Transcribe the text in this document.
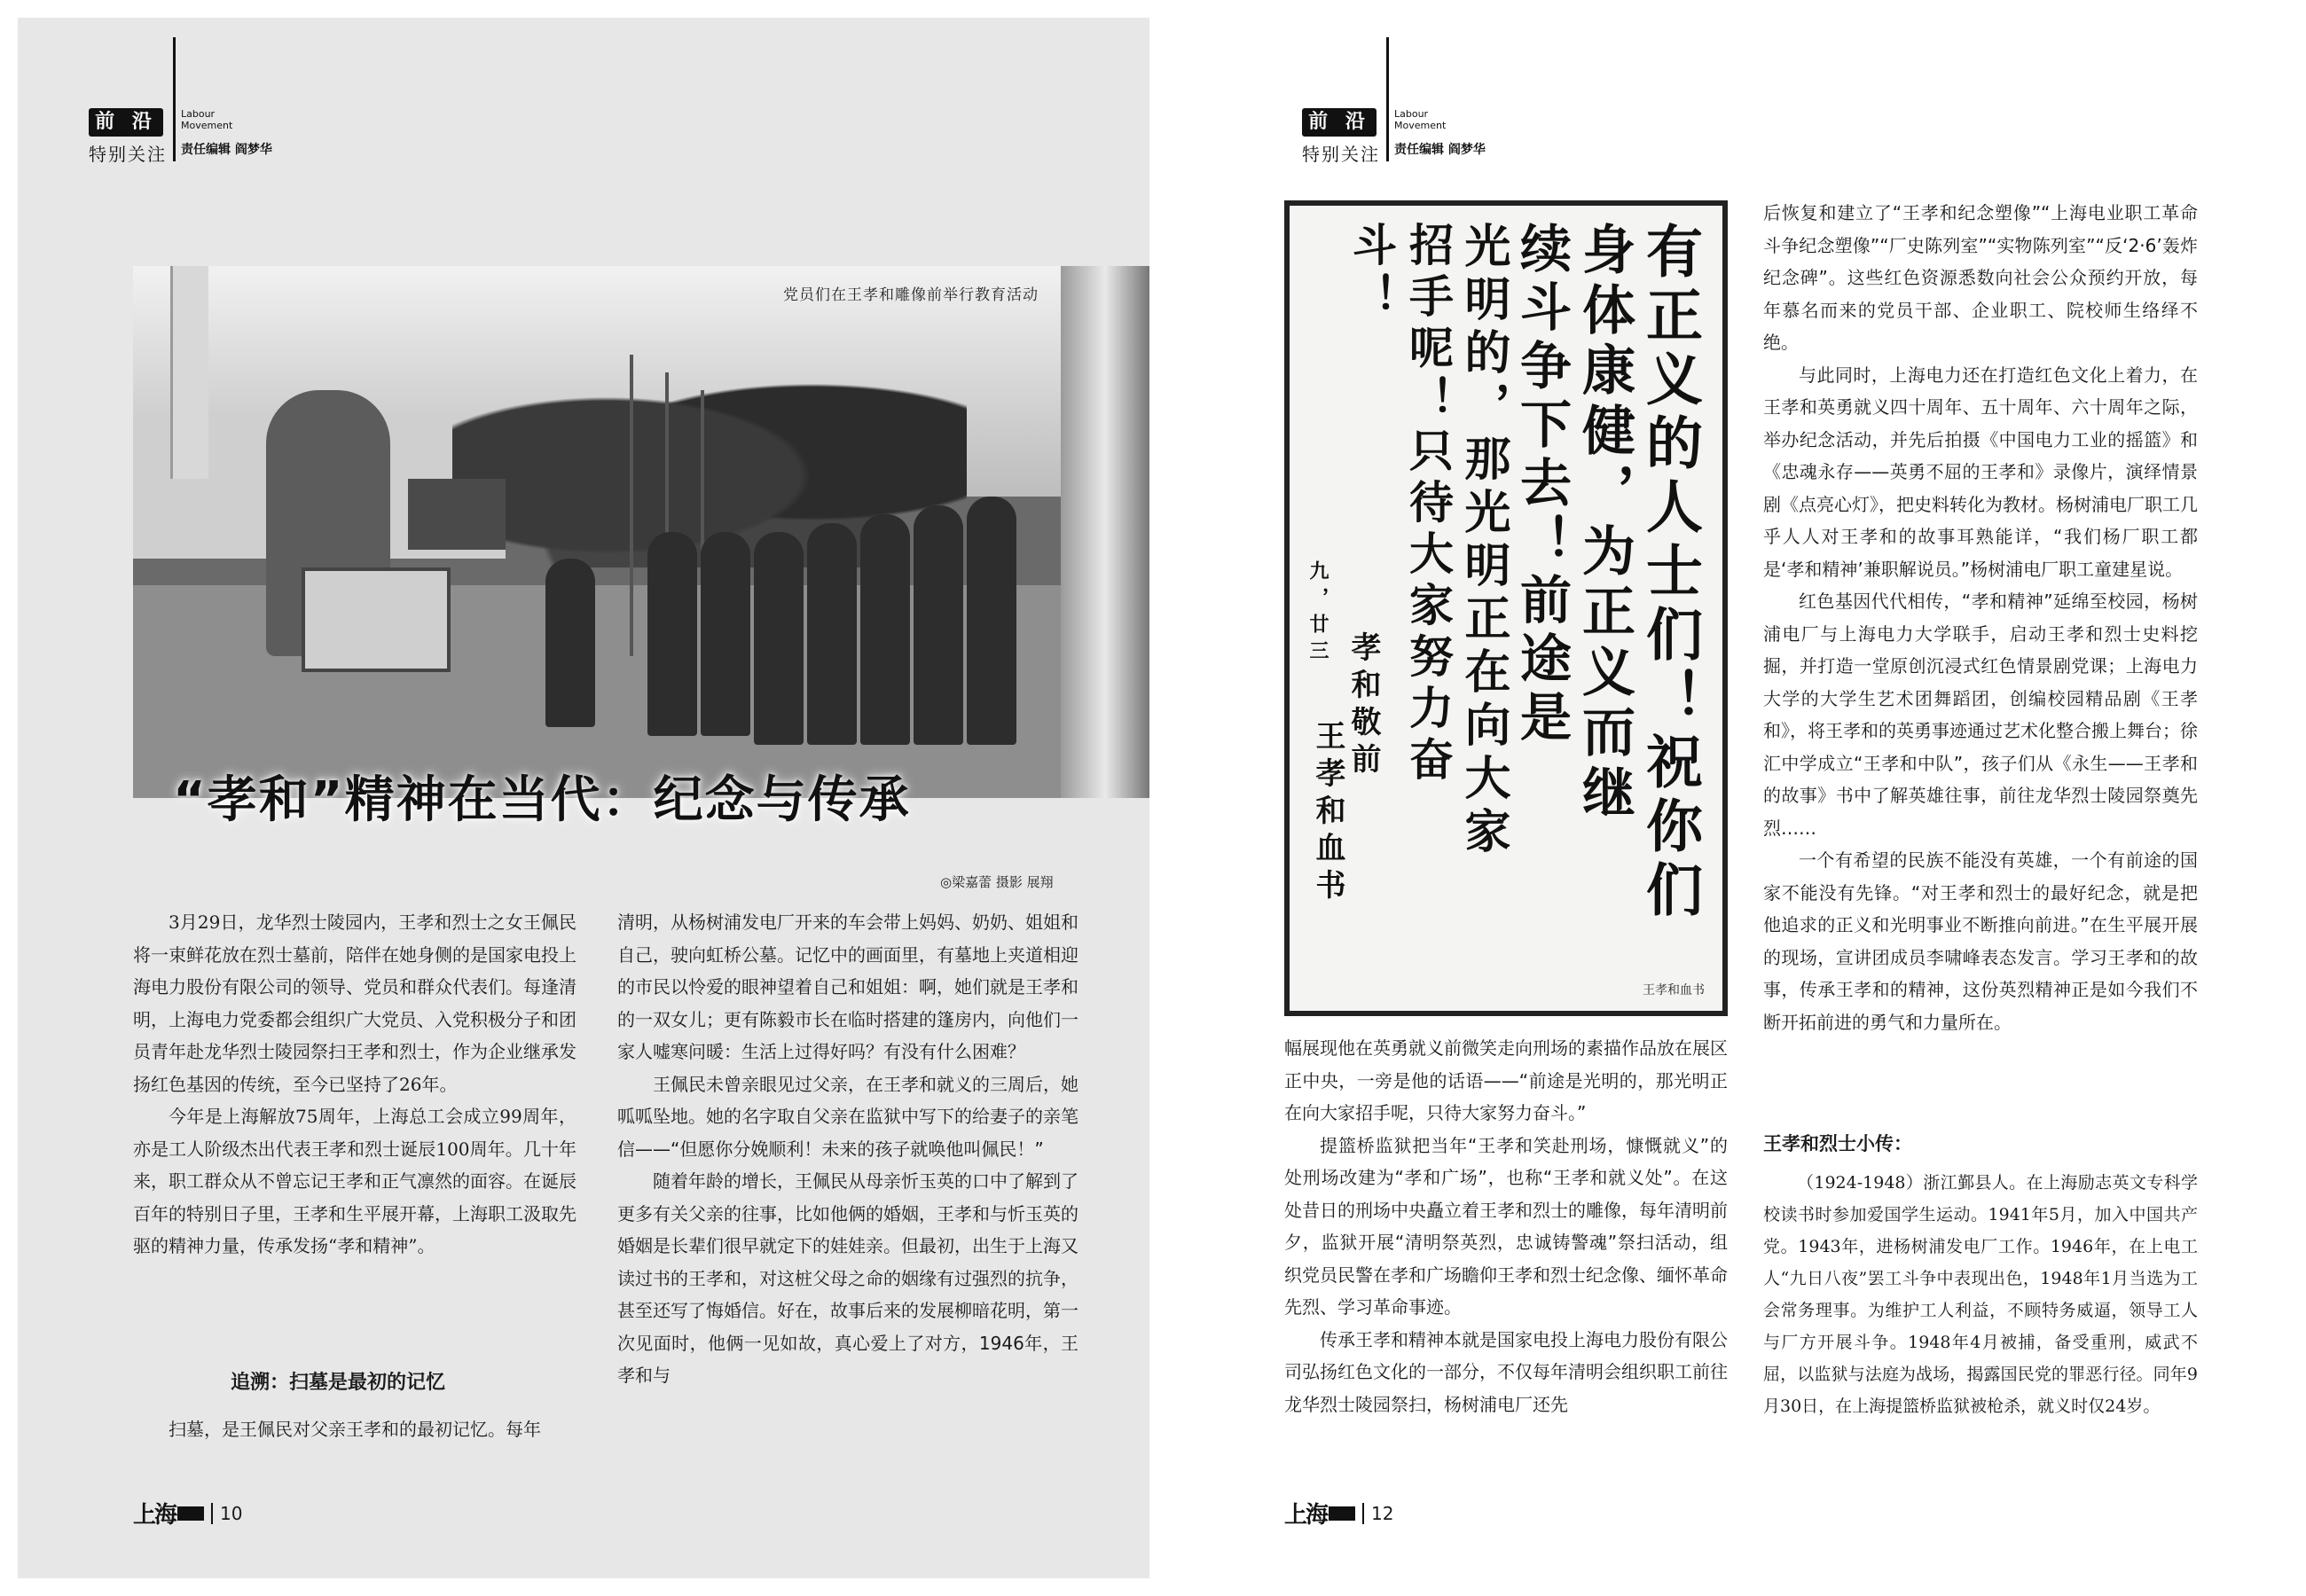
前 沿
特别关注
Labour
Movement
责任编辑 阎梦华
党员们在王孝和雕像前举行教育活动
“孝和”精神在当代：纪念与传承
◎梁嘉蕾 摄影 展翔

3月29日，龙华烈士陵园内，王孝和烈士之女王佩民将一束鲜花放在烈士墓前，陪伴在她身侧的是国家电投上海电力股份有限公司的领导、党员和群众代表们。每逢清明，上海电力党委都会组织广大党员、入党积极分子和团员青年赴龙华烈士陵园祭扫王孝和烈士，作为企业继承发扬红色基因的传统，至今已坚持了26年。

今年是上海解放75周年，上海总工会成立99周年，亦是工人阶级杰出代表王孝和烈士诞辰100周年。几十年来，职工群众从不曾忘记王孝和正气凛然的面容。在诞辰百年的特别日子里，王孝和生平展开幕，上海职工汲取先驱的精神力量，传承发扬“孝和精神”。

追溯：扫墓是最初的记忆

扫墓，是王佩民对父亲王孝和的最初记忆。每年

清明，从杨树浦发电厂开来的车会带上妈妈、奶奶、姐姐和自己，驶向虹桥公墓。记忆中的画面里，有墓地上夹道相迎的市民以怜爱的眼神望着自己和姐姐：啊，她们就是王孝和的一双女儿；更有陈毅市长在临时搭建的篷房内，向他们一家人嘘寒问暖：生活上过得好吗？有没有什么困难？

王佩民未曾亲眼见过父亲，在王孝和就义的三周后，她呱呱坠地。她的名字取自父亲在监狱中写下的给妻子的亲笔信——“但愿你分娩顺利！未来的孩子就唤他叫佩民！”

随着年龄的增长，王佩民从母亲忻玉英的口中了解到了更多有关父亲的往事，比如他俩的婚姻，王孝和与忻玉英的婚姻是长辈们很早就定下的娃娃亲。但最初，出生于上海又读过书的王孝和，对这桩父母之命的姻缘有过强烈的抗争，甚至还写了悔婚信。好在，故事后来的发展柳暗花明，第一次见面时，他俩一见如故，真心爱上了对方，1946年，王孝和与

上海	10
前 沿
特别关注
Labour
Movement
责任编辑 阎梦华
有正义的人士们！祝你们
身体康健，为正义而继
续斗争下去！前途是
光明的，那光明正在向大家
招手呢！只待大家努力奋
斗！
九，廿三
孝和敬前
王孝和血书
王孝和血书

幅展现他在英勇就义前微笑走向刑场的素描作品放在展区正中央，一旁是他的话语——“前途是光明的，那光明正在向大家招手呢，只待大家努力奋斗。”

提篮桥监狱把当年“王孝和笑赴刑场，慷慨就义”的处刑场改建为“孝和广场”，也称“王孝和就义处”。在这处昔日的刑场中央矗立着王孝和烈士的雕像，每年清明前夕，监狱开展“清明祭英烈，忠诚铸警魂”祭扫活动，组织党员民警在孝和广场瞻仰王孝和烈士纪念像、缅怀革命先烈、学习革命事迹。

传承王孝和精神本就是国家电投上海电力股份有限公司弘扬红色文化的一部分，不仅每年清明会组织职工前往龙华烈士陵园祭扫，杨树浦电厂还先

后恢复和建立了“王孝和纪念塑像”“上海电业职工革命斗争纪念塑像”“厂史陈列室”“实物陈列室”“反‘2·6’轰炸纪念碑”。这些红色资源悉数向社会公众预约开放，每年慕名而来的党员干部、企业职工、院校师生络绎不绝。

与此同时，上海电力还在打造红色文化上着力，在王孝和英勇就义四十周年、五十周年、六十周年之际，举办纪念活动，并先后拍摄《中国电力工业的摇篮》和《忠魂永存——英勇不屈的王孝和》录像片，演绎情景剧《点亮心灯》，把史料转化为教材。杨树浦电厂职工几乎人人对王孝和的故事耳熟能详，“我们杨厂职工都是‘孝和精神’兼职解说员。”杨树浦电厂职工童建星说。

红色基因代代相传，“孝和精神”延绵至校园，杨树浦电厂与上海电力大学联手，启动王孝和烈士史料挖掘，并打造一堂原创沉浸式红色情景剧党课；上海电力大学的大学生艺术团舞蹈团，创编校园精品剧《王孝和》，将王孝和的英勇事迹通过艺术化整合搬上舞台；徐汇中学成立“王孝和中队”，孩子们从《永生——王孝和的故事》书中了解英雄往事，前往龙华烈士陵园祭奠先烈……

一个有希望的民族不能没有英雄，一个有前途的国家不能没有先锋。“对王孝和烈士的最好纪念，就是把他追求的正义和光明事业不断推向前进。”在生平展开展的现场，宣讲团成员李啸峰表态发言。学习王孝和的故事，传承王孝和的精神，这份英烈精神正是如今我们不断开拓前进的勇气和力量所在。

王孝和烈士小传：

（1924-1948）浙江鄞县人。在上海励志英文专科学校读书时参加爱国学生运动。1941年5月，加入中国共产党。1943年，进杨树浦发电厂工作。1946年，在上电工人“九日八夜”罢工斗争中表现出色，1948年1月当选为工会常务理事。为维护工人利益，不顾特务威逼，领导工人与厂方开展斗争。1948年4月被捕，备受重刑，威武不屈，以监狱与法庭为战场，揭露国民党的罪恶行径。同年9月30日，在上海提篮桥监狱被枪杀，就义时仅24岁。

上海	12
